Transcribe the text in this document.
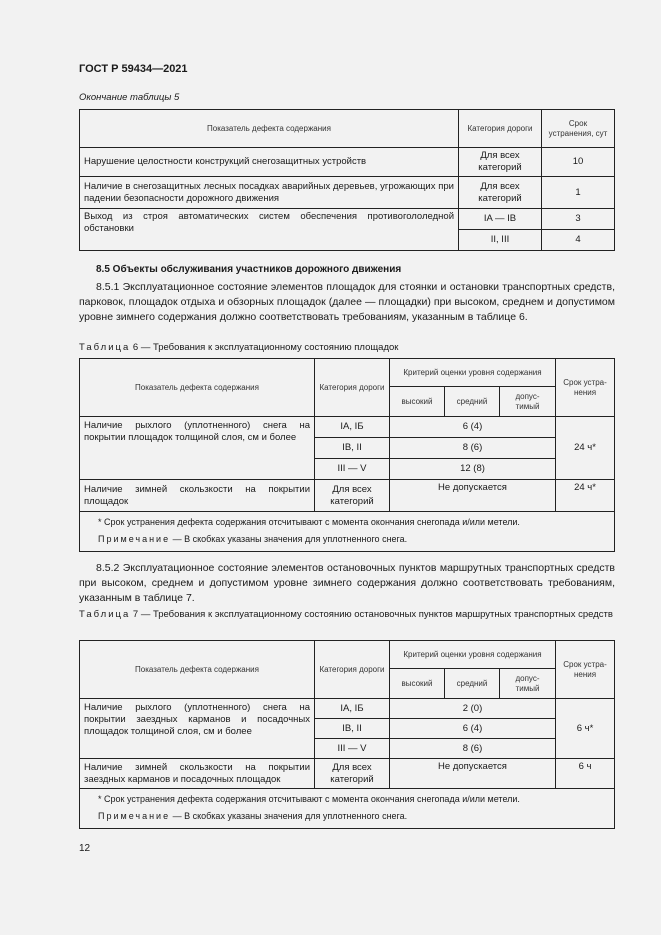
ГОСТ Р 59434—2021
Окончание таблицы 5
Показатель дефекта содержания	Категория дороги	Срок устранения, сут
Нарушение целостности конструкций снегозащитных устройств	Для всех категорий	10
Наличие в снегозащитных лесных посадках аварийных деревьев, угрожающих при падении безопасности дорожного движения	Для всех категорий	1
Выход из строя автоматических систем обеспечения противогололедной обстановки	IA — IB	3
	II, III	4
8.5 Объекты обслуживания участников дорожного движения
8.5.1 Эксплуатационное состояние элементов площадок для стоянки и остановки транспортных средств, парковок, площадок отдыха и обзорных площадок (далее — площадки) при высоком, среднем и допустимом уровне зимнего содержания должно соответствовать требованиям, указанным в таблице 6.
Таблица 6 — Требования к эксплуатационному состоянию площадок
Показатель дефекта содержания	Категория дороги	Критерий оценки уровня содержания			Срок устра-нения
		высокий	средний	допус-тимый	
Наличие рыхлого (уплотненного) снега на покрытии площадок толщиной слоя, см и более	IA, IБ	6 (4)			24 ч*
	IB, II	8 (6)			
	III — V	12 (8)			
Наличие зимней скользкости на покрытии площадок	Для всех категорий	Не допускается			24 ч*
* Срок устранения дефекта содержания отсчитывают с момента окончания снегопада и/или метели.					
Примечание — В скобках указаны значения для уплотненного снега.					
8.5.2 Эксплуатационное состояние элементов остановочных пунктов маршрутных транспортных средств при высоком, среднем и допустимом уровне зимнего содержания должно соответствовать требованиям, указанным в таблице 7.
Таблица 7 — Требования к эксплуатационному состоянию остановочных пунктов маршрутных транспортных средств
Показатель дефекта содержания	Категория дороги	Критерий оценки уровня содержания			Срок устра-нения
		высокий	средний	допус-тимый	
Наличие рыхлого (уплотненного) снега на покрытии заездных карманов и посадочных площадок толщиной слоя, см и более	IA, IБ	2 (0)			6 ч*
	IB, II	6 (4)			
	III — V	8 (6)			
Наличие зимней скользкости на покрытии заездных карманов и посадочных площадок	Для всех категорий	Не допускается			6 ч
* Срок устранения дефекта содержания отсчитывают с момента окончания снегопада и/или метели.					
Примечание — В скобках указаны значения для уплотненного снега.					
12
